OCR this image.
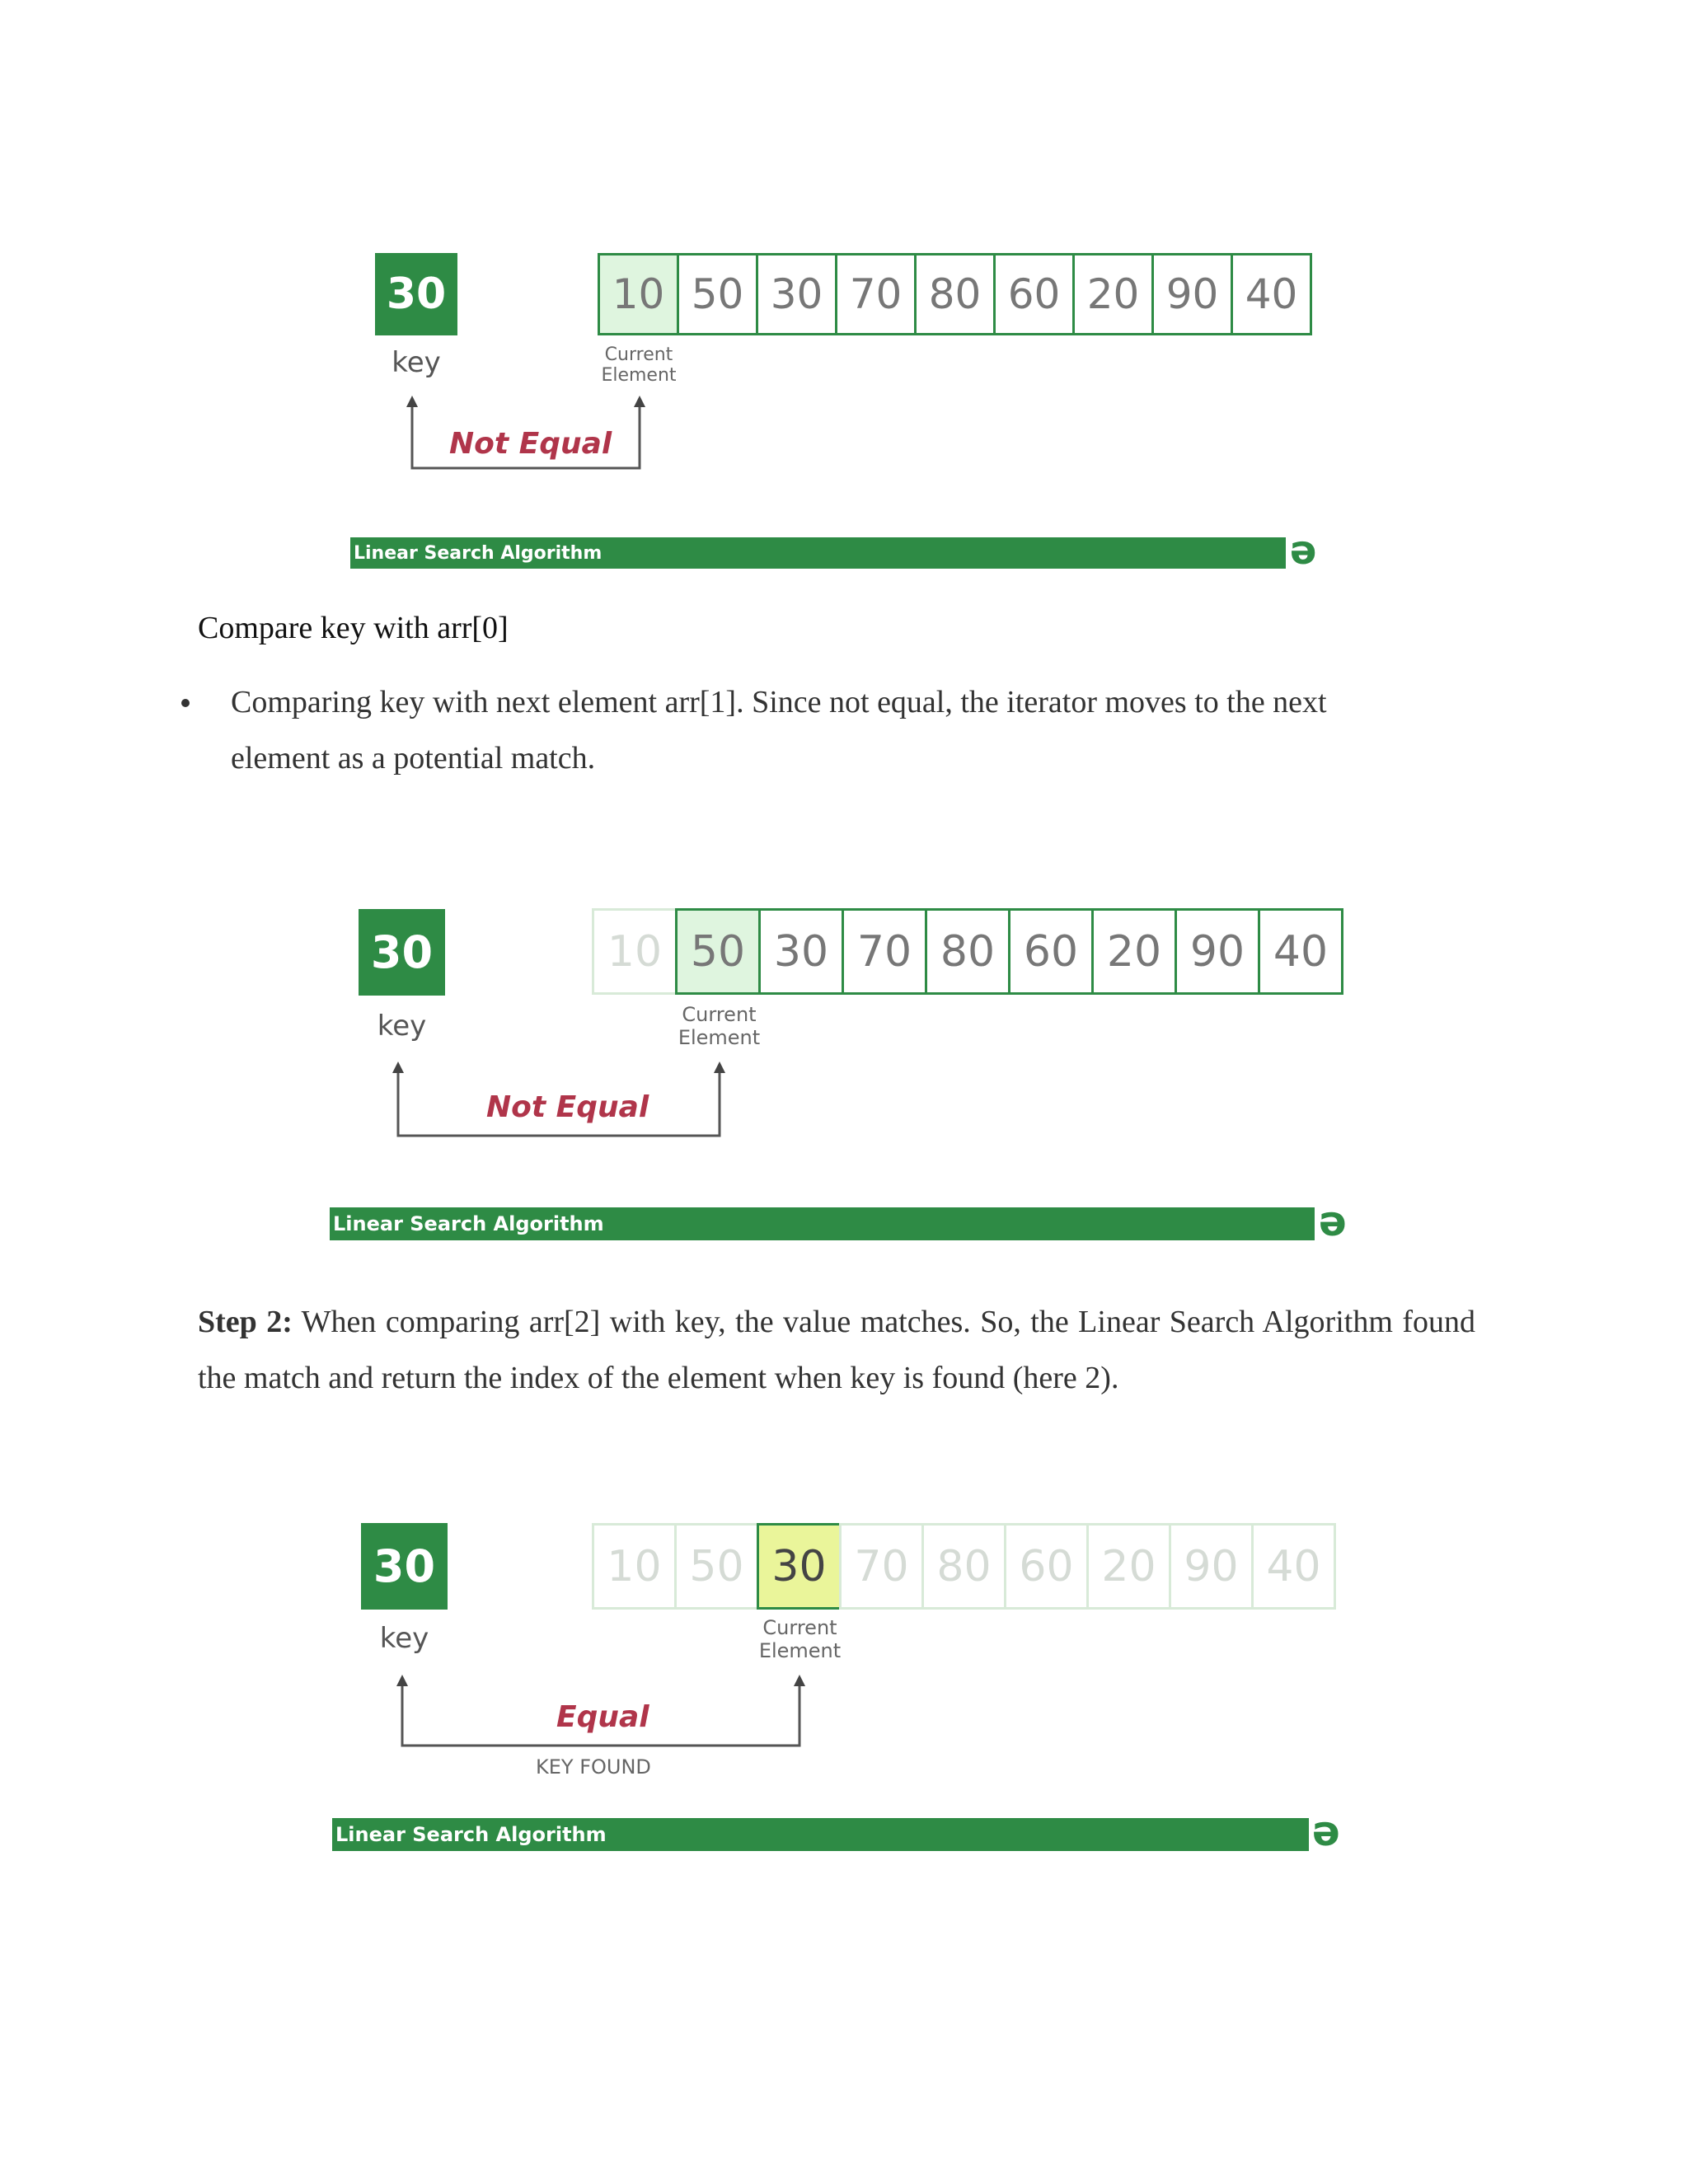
30
key
10 50 30 70 80 60 20 90 40
Current
Element
Not Equal
Linear Search Algorithm	ə
Compare key with arr[0]
Comparing key with next element arr[1]. Since not equal, the iterator moves to the next element as a potential match.
30
key
10 50 30 70 80 60 20 90 40
Current
Element
Not Equal
Linear Search Algorithm	ə
Step 2: When comparing arr[2] with key, the value matches. So, the Linear Search Algorithm found the match and return the index of the element when key is found (here 2).
30
key
10 50 30 70 80 60 20 90 40
Current
Element
Equal
KEY FOUND
Linear Search Algorithm	ə
